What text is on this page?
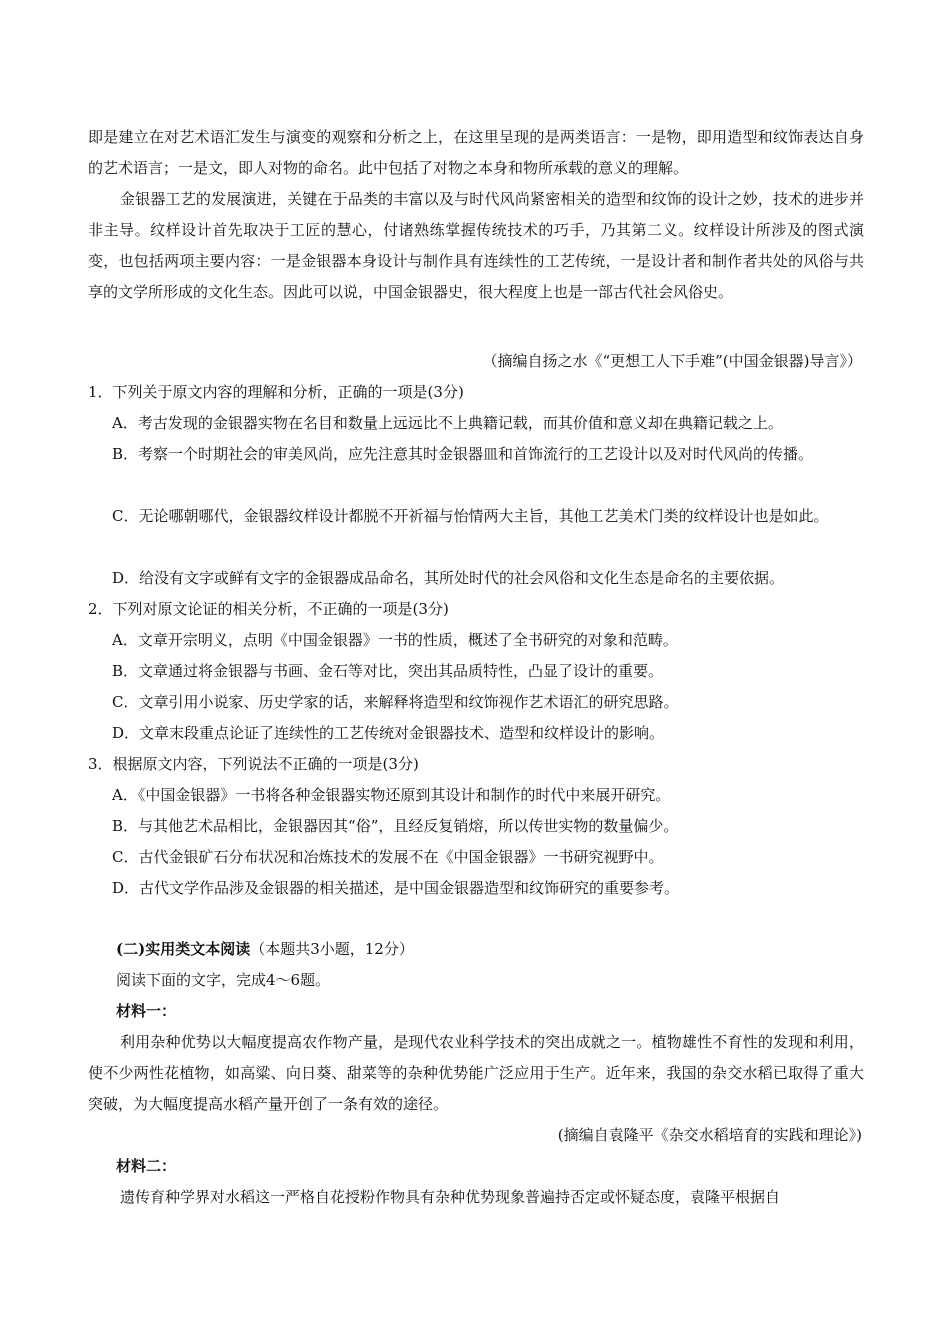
即是建立在对艺术语汇发生与演变的观察和分析之上，在这里呈现的是两类语言：一是物，即用造型和纹饰表达自身的艺术语言；一是文，即人对物的命名。此中包括了对物之本身和物所承载的意义的理解。

金银器工艺的发展演进，关键在于品类的丰富以及与时代风尚紧密相关的造型和纹饰的设计之妙，技术的进步并非主导。纹样设计首先取决于工匠的慧心，付诸熟练掌握传统技术的巧手，乃其第二义。纹样设计所涉及的图式演变，也包括两项主要内容：一是金银器本身设计与制作具有连续性的工艺传统，一是设计者和制作者共处的风俗与共享的文学所形成的文化生态。因此可以说，中国金银器史，很大程度上也是一部古代社会风俗史。

（摘编自扬之水《“更想工人下手难”(中国金银器)导言》）

1．下列关于原文内容的理解和分析，正确的一项是(3分)

A．考古发现的金银器实物在名目和数量上远远比不上典籍记载，而其价值和意义却在典籍记载之上。

B．考察一个时期社会的审美风尚，应先注意其时金银器皿和首饰流行的工艺设计以及对时代风尚的传播。

C．无论哪朝哪代，金银器纹样设计都脱不开祈福与怡情两大主旨，其他工艺美术门类的纹样设计也是如此。

D．给没有文字或鲜有文字的金银器成品命名，其所处时代的社会风俗和文化生态是命名的主要依据。

2．下列对原文论证的相关分析，不正确的一项是(3分)

A．文章开宗明义，点明《中国金银器》一书的性质，概述了全书研究的对象和范畴。

B．文章通过将金银器与书画、金石等对比，突出其品质特性，凸显了设计的重要。

C．文章引用小说家、历史学家的话，来解释将造型和纹饰视作艺术语汇的研究思路。

D．文章末段重点论证了连续性的工艺传统对金银器技术、造型和纹样设计的影响。

3．根据原文内容，下列说法不正确的一项是(3分)

A．《中国金银器》一书将各种金银器实物还原到其设计和制作的时代中来展开研究。

B．与其他艺术品相比，金银器因其“俗”，且经反复销熔，所以传世实物的数量偏少。

C．古代金银矿石分布状况和冶炼技术的发展不在《中国金银器》一书研究视野中。

D．古代文学作品涉及金银器的相关描述，是中国金银器造型和纹饰研究的重要参考。

(二)实用类文本阅读（本题共3小题，12分）

阅读下面的文字，完成4～6题。

材料一：

利用杂种优势以大幅度提高农作物产量，是现代农业科学技术的突出成就之一。植物雄性不育性的发现和利用，使不少两性花植物，如高粱、向日葵、甜菜等的杂种优势能广泛应用于生产。近年来，我国的杂交水稻已取得了重大突破，为大幅度提高水稻产量开创了一条有效的途径。

(摘编自袁隆平《杂交水稻培育的实践和理论》)

材料二：

遗传育种学界对水稻这一严格自花授粉作物具有杂种优势现象普遍持否定或怀疑态度，袁隆平根据自
